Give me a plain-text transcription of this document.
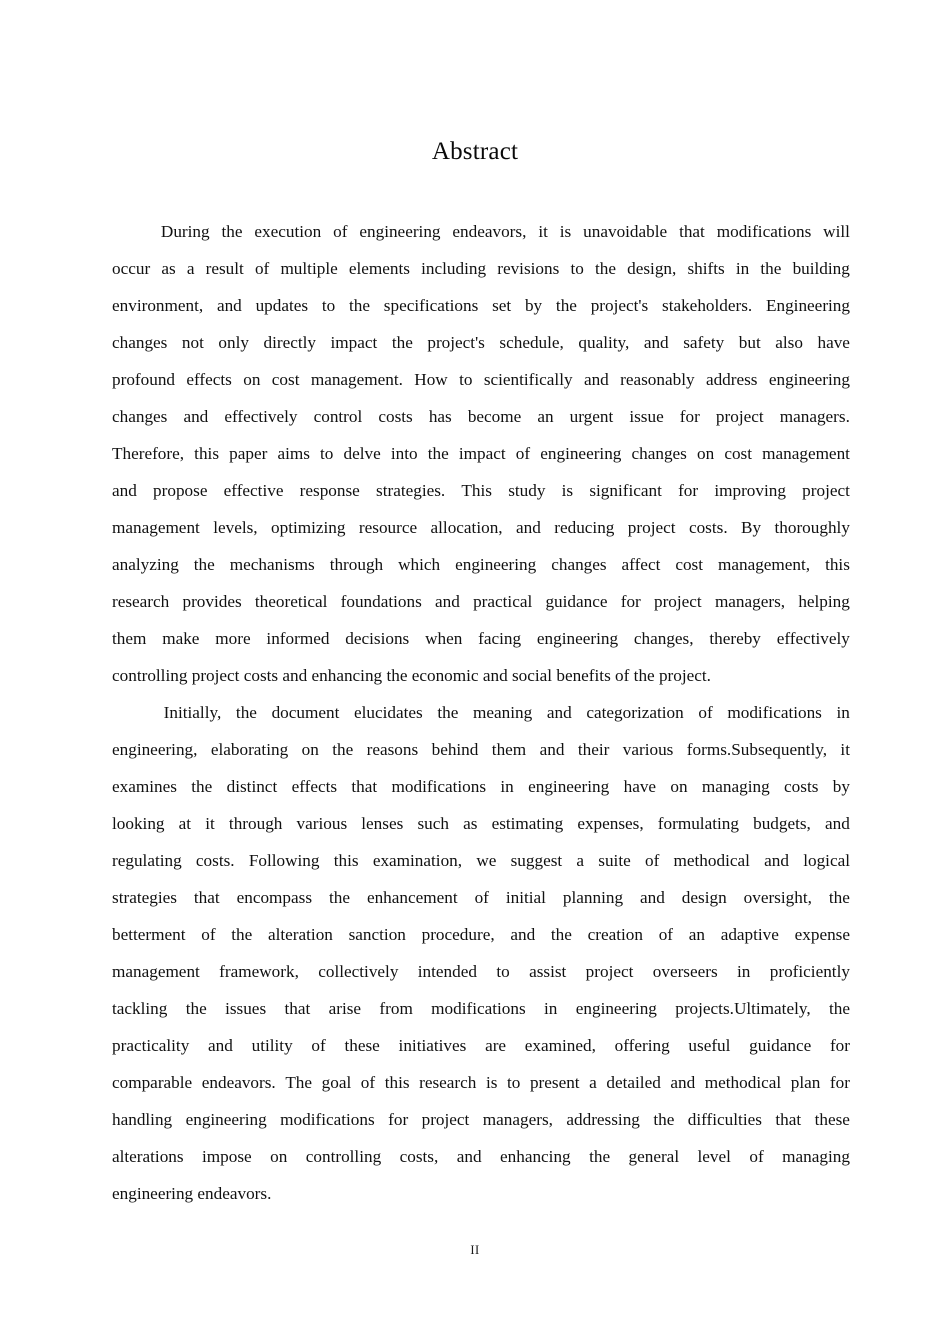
Abstract

During the execution of engineering endeavors, it is unavoidable that modifications will
occur as a result of multiple elements including revisions to the design, shifts in the building
environment, and updates to the specifications set by the project's stakeholders. Engineering
changes not only directly impact the project's schedule, quality, and safety but also have
profound effects on cost management. How to scientifically and reasonably address engineering
changes and effectively control costs has become an urgent issue for project managers.
Therefore, this paper aims to delve into the impact of engineering changes on cost management
and propose effective response strategies. This study is significant for improving project
management levels, optimizing resource allocation, and reducing project costs. By thoroughly
analyzing the mechanisms through which engineering changes affect cost management, this
research provides theoretical foundations and practical guidance for project managers, helping
them make more informed decisions when facing engineering changes, thereby effectively
controlling project costs and enhancing the economic and social benefits of the project.

Initially, the document elucidates the meaning and categorization of modifications in
engineering, elaborating on the reasons behind them and their various forms.Subsequently, it
examines the distinct effects that modifications in engineering have on managing costs by
looking at it through various lenses such as estimating expenses, formulating budgets, and
regulating costs. Following this examination, we suggest a suite of methodical and logical
strategies that encompass the enhancement of initial planning and design oversight, the
betterment of the alteration sanction procedure, and the creation of an adaptive expense
management framework, collectively intended to assist project overseers in proficiently
tackling the issues that arise from modifications in engineering projects.Ultimately, the
practicality and utility of these initiatives are examined, offering useful guidance for
comparable endeavors. The goal of this research is to present a detailed and methodical plan for
handling engineering modifications for project managers, addressing the difficulties that these
alterations impose on controlling costs, and enhancing the general level of managing
engineering endeavors.

II
